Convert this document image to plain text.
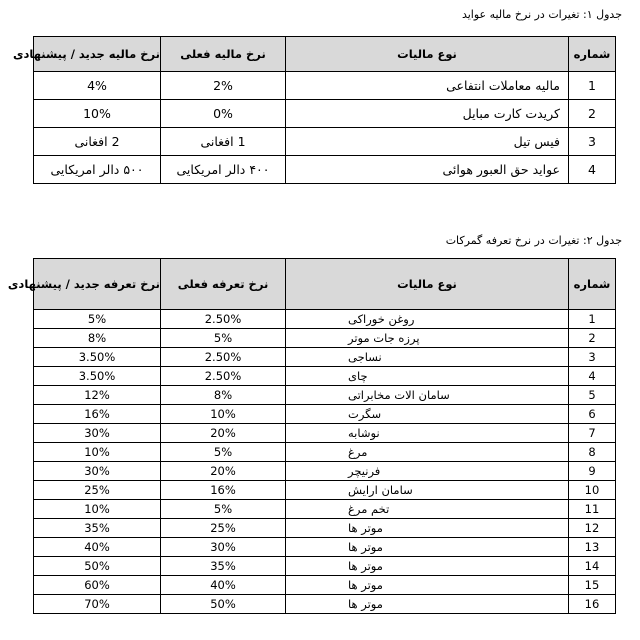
جدول ۱: تغیرات در نرخ مالیه عواید
شماره	نوع مالیات	نرخ مالیه فعلی	نرخ مالیه جدید / پیشنهادی
1	مالیه معاملات انتفاعی	2%	4%
2	کریدت کارت مبایل	0%	10%
3	فیس تیل	1 افغانی	2 افغانی
4	عواید حق العبور هوائی	۴۰۰ دالر امریکایی	۵۰۰ دالر امریکایی
جدول ۲: تغیرات در نرخ تعرفه گمرکات
شماره	نوع مالیات	نرخ تعرفه فعلی	نرخ تعرفه جدید / پیشنهادی
1	روغن خوراکی	2.50%	5%
2	پرزه جات موتر	5%	8%
3	نساجی	2.50%	3.50%
4	چای	2.50%	3.50%
5	سامان الات مخابراتی	8%	12%
6	سگرت	10%	16%
7	نوشابه	20%	30%
8	مرغ	5%	10%
9	فرنیچر	20%	30%
10	سامان ارایش	16%	25%
11	تخم مرغ	5%	10%
12	موتر ها	25%	35%
13	موتر ها	30%	40%
14	موتر ها	35%	50%
15	موتر ها	40%	60%
16	موتر ها	50%	70%
